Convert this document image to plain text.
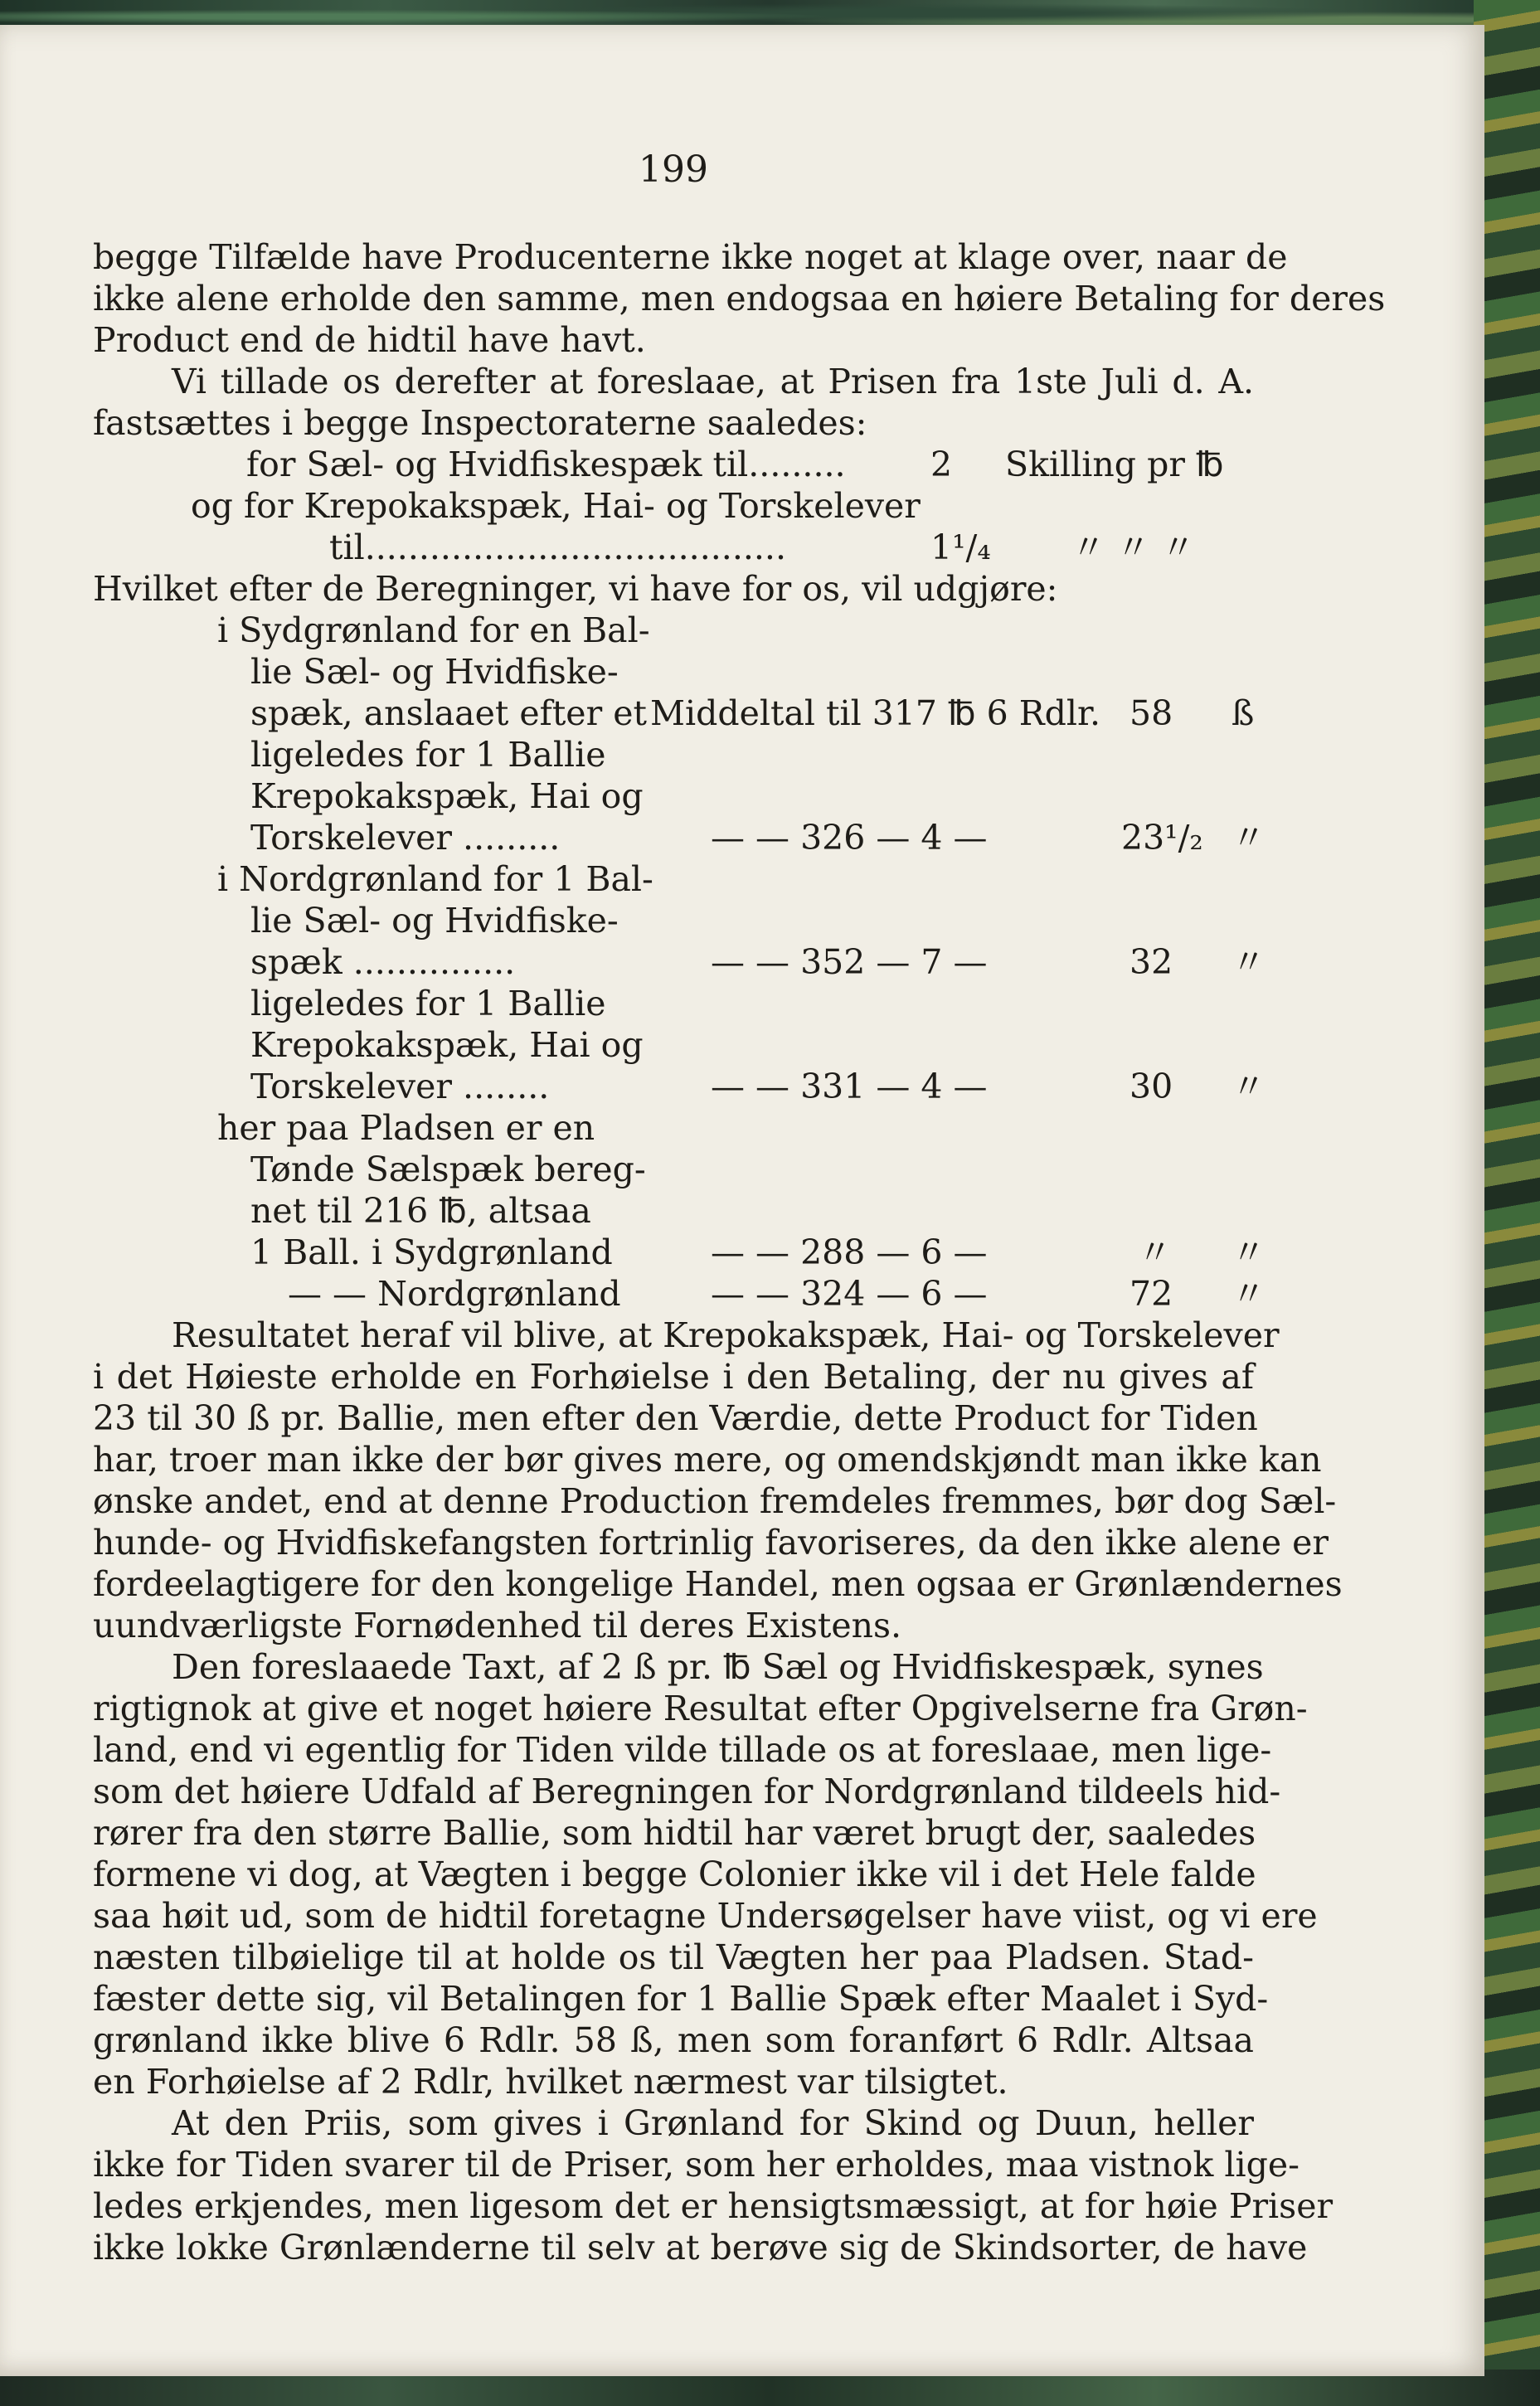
199
begge Tilfælde have Producenterne ikke noget at klage over, naar de
ikke alene erholde den samme, men endogsaa en høiere Betaling for deres
Product end de hidtil have havt.
Vi tillade os derefter at foreslaae, at Prisen fra 1ste Juli d. A.
fastsættes i begge Inspectoraterne saaledes:
for Sæl- og Hvidfiskespæk til......... 2 Skilling pr ℔
og for Krepokakspæk, Hai- og Torskelever
til.......................................	1¹/₄ 〃 〃 〃
Hvilket efter de Beregninger, vi have for os, vil udgjøre:
i Sydgrønland for en Bal-
lie Sæl- og Hvidfiske-
spæk, anslaaet efter et Middeltal til 317 ℔ 6 Rdlr. 58 ß
ligeledes for 1 Ballie
Krepokakspæk, Hai og
Torskelever .........	— — 326 — 4 —	23¹/₂ 〃
i Nordgrønland for 1 Bal-
lie Sæl- og Hvidfiske-
spæk ...............	— — 352 — 7 —	32 〃
ligeledes for 1 Ballie
Krepokakspæk, Hai og
Torskelever ........	— — 331 — 4 —	30 〃
her paa Pladsen er en
Tønde Sælspæk bereg-
net til 216 ℔, altsaa
1 Ball. i Sydgrønland	— — 288 — 6 —	〃 〃
— — Nordgrønland	— — 324 — 6 —	72 〃
Resultatet heraf vil blive, at Krepokakspæk, Hai- og Torskelever
i det Høieste erholde en Forhøielse i den Betaling, der nu gives af
23 til 30 ß pr. Ballie, men efter den Værdie, dette Product for Tiden
har, troer man ikke der bør gives mere, og omendskjøndt man ikke kan
ønske andet, end at denne Production fremdeles fremmes, bør dog Sæl-
hunde- og Hvidfiskefangsten fortrinlig favoriseres, da den ikke alene er
fordeelagtigere for den kongelige Handel, men ogsaa er Grønlændernes
uundværligste Fornødenhed til deres Existens.
Den foreslaaede Taxt, af 2 ß pr. ℔ Sæl og Hvidfiskespæk, synes
rigtignok at give et noget høiere Resultat efter Opgivelserne fra Grøn-
land, end vi egentlig for Tiden vilde tillade os at foreslaae, men lige-
som det høiere Udfald af Beregningen for Nordgrønland tildeels hid-
rører fra den større Ballie, som hidtil har været brugt der, saaledes
formene vi dog, at Vægten i begge Colonier ikke vil i det Hele falde
saa høit ud, som de hidtil foretagne Undersøgelser have viist, og vi ere
næsten tilbøielige til at holde os til Vægten her paa Pladsen. Stad-
fæster dette sig, vil Betalingen for 1 Ballie Spæk efter Maalet i Syd-
grønland ikke blive 6 Rdlr. 58 ß, men som foranført 6 Rdlr. Altsaa
en Forhøielse af 2 Rdlr, hvilket nærmest var tilsigtet.
At den Priis, som gives i Grønland for Skind og Duun, heller
ikke for Tiden svarer til de Priser, som her erholdes, maa vistnok lige-
ledes erkjendes, men ligesom det er hensigtsmæssigt, at for høie Priser
ikke lokke Grønlænderne til selv at berøve sig de Skindsorter, de have
